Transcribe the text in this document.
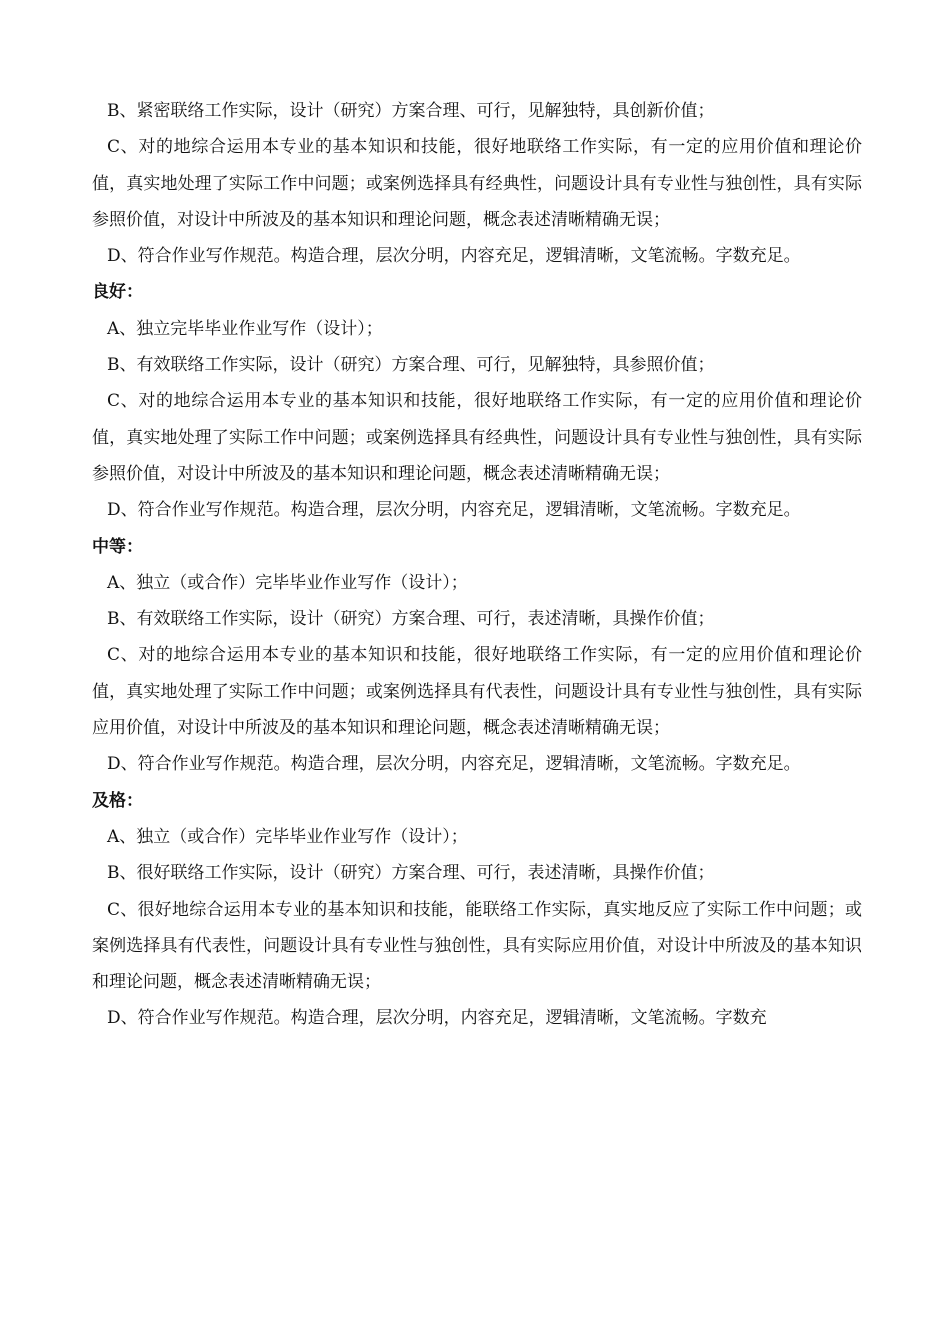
B、紧密联络工作实际，设计（研究）方案合理、可行，见解独特，具创新价值；

C、对的地综合运用本专业的基本知识和技能，很好地联络工作实际，有一定的应用价值和理论价值，真实地处理了实际工作中问题；或案例选择具有经典性，问题设计具有专业性与独创性，具有实际参照价值，对设计中所波及的基本知识和理论问题，概念表述清晰精确无误；

D、符合作业写作规范。构造合理，层次分明，内容充足，逻辑清晰，文笔流畅。字数充足。

良好：

A、独立完毕毕业作业写作（设计）；

B、有效联络工作实际，设计（研究）方案合理、可行，见解独特，具参照价值；

C、对的地综合运用本专业的基本知识和技能，很好地联络工作实际，有一定的应用价值和理论价值，真实地处理了实际工作中问题；或案例选择具有经典性，问题设计具有专业性与独创性，具有实际参照价值，对设计中所波及的基本知识和理论问题，概念表述清晰精确无误；

D、符合作业写作规范。构造合理，层次分明，内容充足，逻辑清晰，文笔流畅。字数充足。

中等：

A、独立（或合作）完毕毕业作业写作（设计）；

B、有效联络工作实际，设计（研究）方案合理、可行，表述清晰，具操作价值；

C、对的地综合运用本专业的基本知识和技能，很好地联络工作实际，有一定的应用价值和理论价值，真实地处理了实际工作中问题；或案例选择具有代表性，问题设计具有专业性与独创性，具有实际应用价值，对设计中所波及的基本知识和理论问题，概念表述清晰精确无误；

D、符合作业写作规范。构造合理，层次分明，内容充足，逻辑清晰，文笔流畅。字数充足。

及格：

A、独立（或合作）完毕毕业作业写作（设计）；

B、很好联络工作实际，设计（研究）方案合理、可行，表述清晰，具操作价值；

C、很好地综合运用本专业的基本知识和技能，能联络工作实际，真实地反应了实际工作中问题；或案例选择具有代表性，问题设计具有专业性与独创性，具有实际应用价值，对设计中所波及的基本知识和理论问题，概念表述清晰精确无误；

D、符合作业写作规范。构造合理，层次分明，内容充足，逻辑清晰，文笔流畅。字数充
